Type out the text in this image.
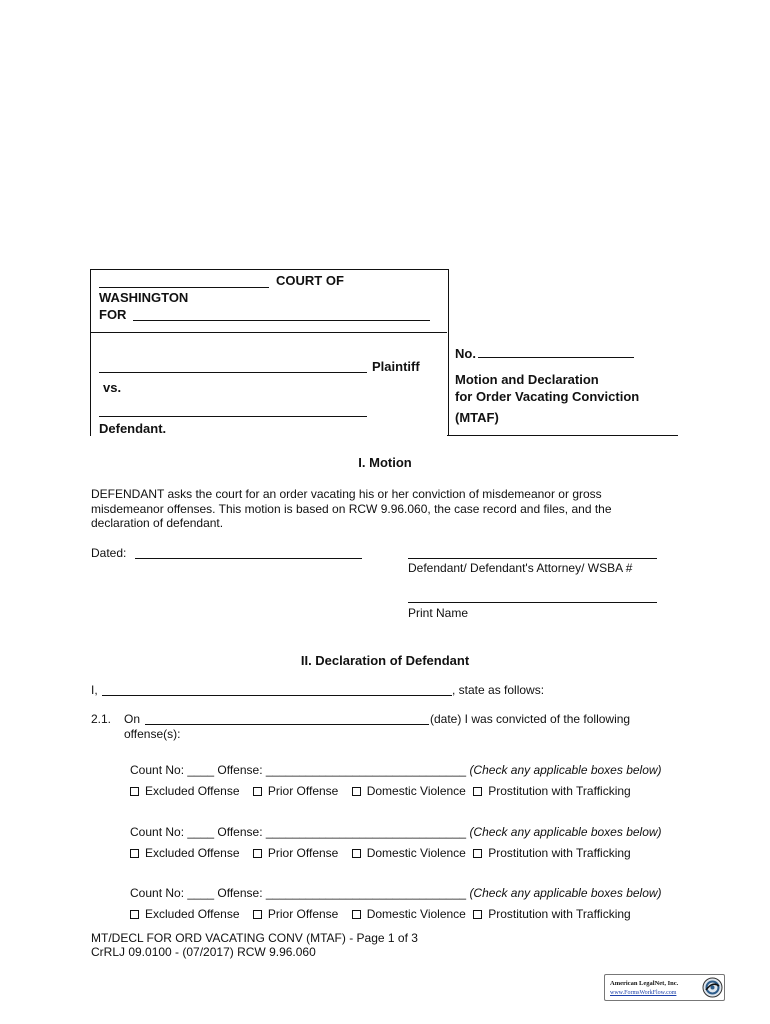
COURT OF
WASHINGTON
FOR
Plaintiff
vs.
Defendant.
No.
Motion and Declaration
for Order Vacating Conviction
(MTAF)
I. Motion
DEFENDANT asks the court for an order vacating his or her conviction of misdemeanor or gross
misdemeanor offenses. This motion is based on RCW 9.96.060, the case record and files, and the
declaration of defendant.
Dated:
Defendant/ Defendant's Attorney/ WSBA #
Print Name
II. Declaration of Defendant
I,	, state as follows:
2.1. On	(date) I was convicted of the following
offense(s):
Count No: ____ Offense: ______________________________ (Check any applicable boxes below)
Excluded Offense Prior Offense Domestic Violence Prostitution with Trafficking
Count No: ____ Offense: ______________________________ (Check any applicable boxes below)
Excluded Offense Prior Offense Domestic Violence Prostitution with Trafficking
Count No: ____ Offense: ______________________________ (Check any applicable boxes below)
Excluded Offense Prior Offense Domestic Violence Prostitution with Trafficking
MT/DECL FOR ORD VACATING CONV (MTAF) - Page 1 of 3
CrRLJ 09.0100 - (07/2017) RCW 9.96.060
American LegalNet, Inc.
www.FormsWorkFlow.com
